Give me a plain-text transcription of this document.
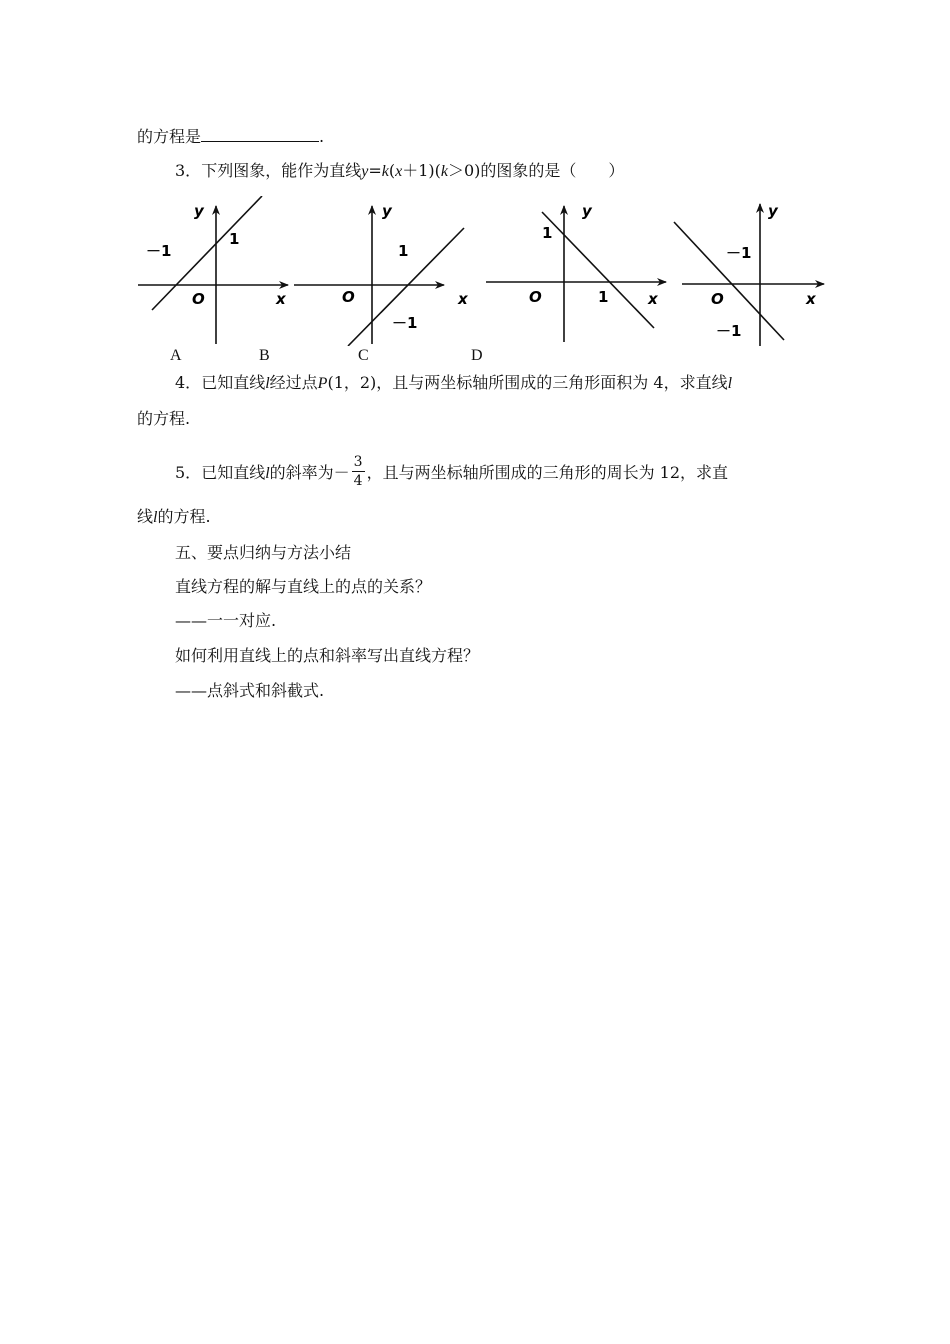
的方程是	.
3．下列图象，能作为直线y=k(x＋1)(k＞0)的图象的是（　　）
y
x
O
－1
1
y
x
O
1
－1
y
x
O
1
1
y
x
O
－1
－1
A	B	C	D
4．已知直线l经过点P(1，2)，且与两坐标轴所围成的三角形面积为 4，求直线l
的方程.
5．已知直线l的斜率为－ $\frac{3}{4}$ ，且与两坐标轴所围成的三角形的周长为 12，求直
线l的方程.
五、要点归纳与方法小结
直线方程的解与直线上的点的关系？
——一一对应.
如何利用直线上的点和斜率写出直线方程？
——点斜式和斜截式.
